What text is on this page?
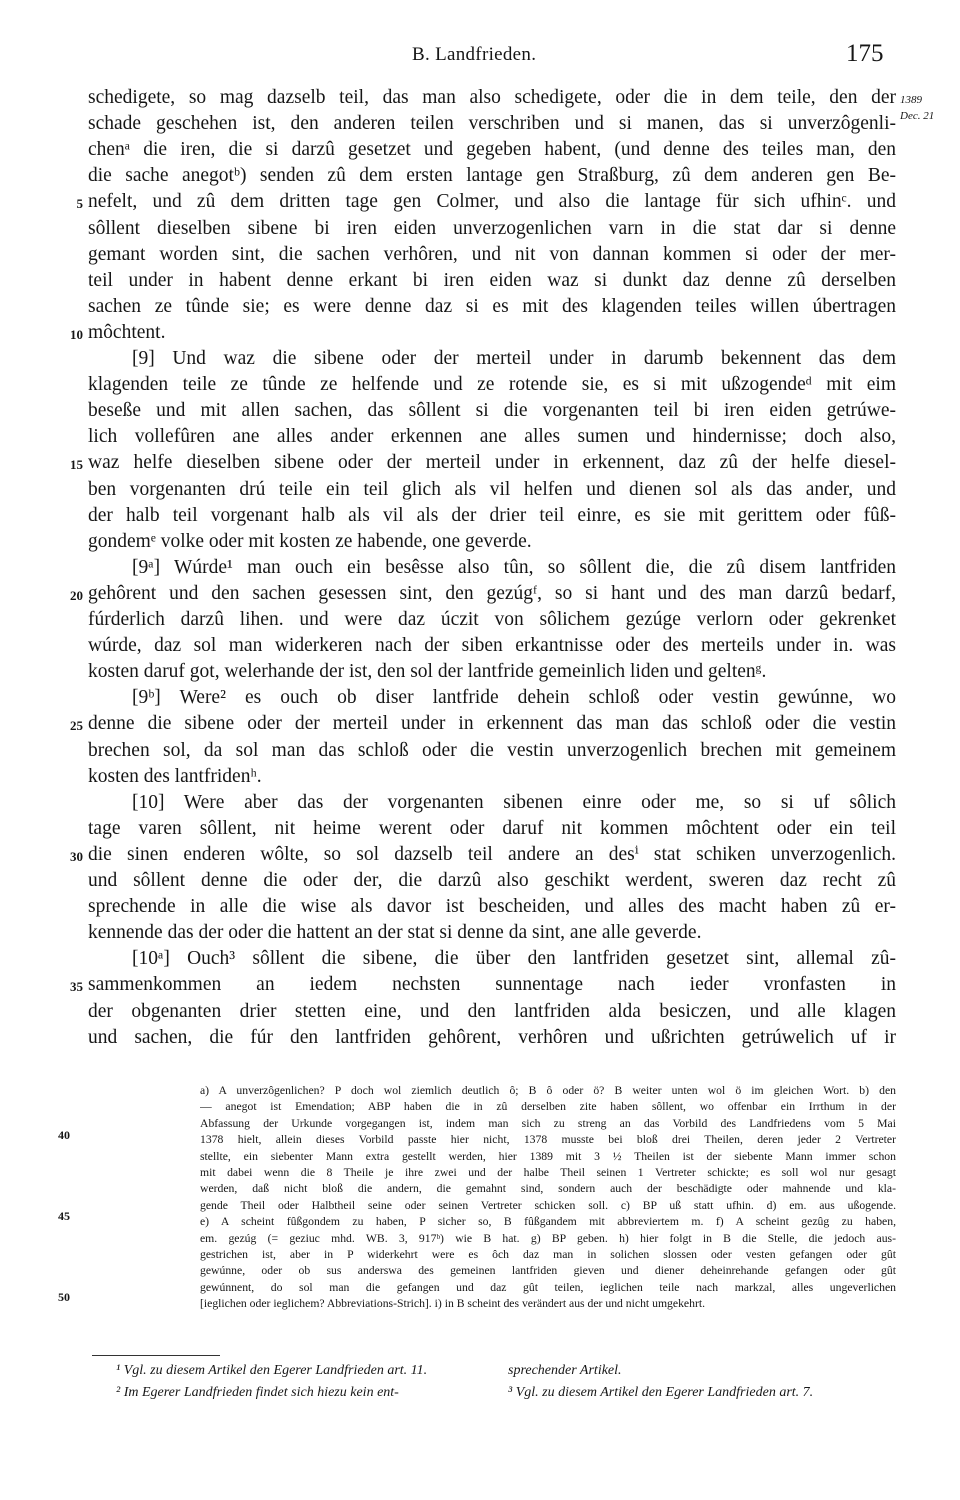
B. Landfrieden.	175
1389
Dec. 21
schedigete, so mag dazselb teil, das man also schedigete, oder die in dem teile, den der
schade geschehen ist, den anderen teilen verschriben und si manen, das si unverzôgenli-
chenᵃ die iren, die si darzû gesetzet und gegeben habent, (und denne des teiles man, den
die sache anegotᵇ) senden zû dem ersten lantage gen Straßburg, zû dem anderen gen Be-
nefelt, und zû dem dritten tage gen Colmer, und also die lantage für sich ufhinᶜ. und
sôllent dieselben sibene bi iren eiden unverzogenlichen varn in die stat dar si denne
gemant worden sint, die sachen verhôren, und nit von dannan kommen si oder der mer-
teil under in habent denne erkant bi iren eiden waz si dunkt daz denne zû derselben
sachen ze tûnde sie; es were denne daz si es mit des klagenden teiles willen úbertragen
môchtent.
[9] Und waz die sibene oder der merteil under in darumb bekennent das dem
klagenden teile ze tûnde ze helfende und ze rotende sie, es si mit ußzogendeᵈ mit eim
beseße und mit allen sachen, das sôllent si die vorgenanten teil bi iren eiden getrúwe-
lich vollefûren ane alles ander erkennen ane alles sumen und hindernisse; doch also,
waz helfe dieselben sibene oder der merteil under in erkennent, daz zû der helfe diesel-
ben vorgenanten drú teile ein teil glich als vil helfen und dienen sol als das ander, und
der halb teil vorgenant halb als vil als der drier teil einre, es sie mit gerittem oder fûß-
gondemᵉ volke oder mit kosten ze habende, one geverde.
[9ᵃ] Wúrde¹ man ouch ein besêsse also tûn, so sôllent die, die zû disem lantfriden
gehôrent und den sachen gesessen sint, den gezúgᶠ, so si hant und des man darzû bedarf,
fúrderlich darzû lihen. und were daz úczit von sôlichem gezúge verlorn oder gekrenket
wúrde, daz sol man widerkeren nach der siben erkantnisse oder des merteils under in. was
kosten daruf got, welerhande der ist, den sol der lantfride gemeinlich liden und geltenᵍ.
[9ᵇ] Were² es ouch ob diser lantfride dehein schloß oder vestin gewúnne, wo
denne die sibene oder der merteil under in erkennent das man das schloß oder die vestin
brechen sol, da sol man das schloß oder die vestin unverzogenlich brechen mit gemeinem
kosten des lantfridenʰ.
[10] Were aber das der vorgenanten sibenen einre oder me, so si uf sôlich
tage varen sôllent, nit heime werent oder daruf nit kommen môchtent oder ein teil
die sinen enderen wôlte, so sol dazselb teil andere an desⁱ stat schiken unverzogenlich.
und sôllent denne die oder der, die darzû also geschikt werdent, sweren daz recht zû
sprechende in alle die wise als davor ist bescheiden, und alles des macht haben zû er-
kennende das der oder die hattent an der stat si denne da sint, ane alle geverde.
[10ᵃ] Ouch³ sôllent die sibene, die über den lantfriden gesetzet sint, allemal zû-
sammenkommen an iedem nechsten sunnentage nach ieder vronfasten in
der obgenanten drier stetten eine, und den lantfriden alda besiczen, und alle klagen
und sachen, die fúr den lantfriden gehôrent, verhôren und ußrichten getrúwelich uf ir
5
10
15
20
25
30
35
a) A unverzôgenlichen? P doch wol ziemlich deutlich ô; B ô oder ö? B weiter unten wol ö im gleichen Wort. b) den
— anegot ist Emendation; ABP haben die in zû derselben zite haben sôllent, wo offenbar ein Irrthum in der
Abfassung der Urkunde vorgegangen ist, indem man sich zu streng an das Vorbild des Landfriedens vom 5 Mai
1378 hielt, allein dieses Vorbild passte hier nicht, 1378 musste bei bloß drei Theilen, deren jeder 2 Vertreter
stellte, ein siebenter Mann extra gestellt werden, hier 1389 mit 3 ½ Theilen ist der siebente Mann immer schon
mit dabei wenn die 8 Theile je ihre zwei und der halbe Theil seinen 1 Vertreter schickte; es soll wol nur gesagt
werden, daß nicht bloß die andern, die gemahnt sind, sondern auch der beschädigte oder mahnende und kla-
gende Theil oder Halbtheil seine oder seinen Vertreter schicken soll. c) BP uß statt ufhin. d) em. aus ußogende.
e) A scheint fûßgondem zu haben, P sicher so, B fûßgandem mit abbreviertem m. f) A scheint gezûg zu haben,
em. gezúg (= geziuc mhd. WB. 3, 917ᵇ) wie B hat. g) BP geben. h) hier folgt in B die Stelle, die jedoch aus-
gestrichen ist, aber in P widerkehrt were es ôch daz man in solichen slossen oder vesten gefangen oder gût
gewúnne, oder ob sus anderswa des gemeinen lantfriden gieven und diener deheinrehande gefangen oder gût
gewúnnent, do sol man die gefangen und daz gût teilen, ieglichen teile nach markzal, alles ungeverlichen
[ieglichen oder ieglichem? Abbreviations-Strich]. i) in B scheint des verändert aus der und nicht umgekehrt.
40
45
50
¹ Vgl. zu diesem Artikel den Egerer Landfrieden art. 11.
² Im Egerer Landfrieden findet sich hiezu kein ent-
sprechender Artikel.
³ Vgl. zu diesem Artikel den Egerer Landfrieden art. 7.
